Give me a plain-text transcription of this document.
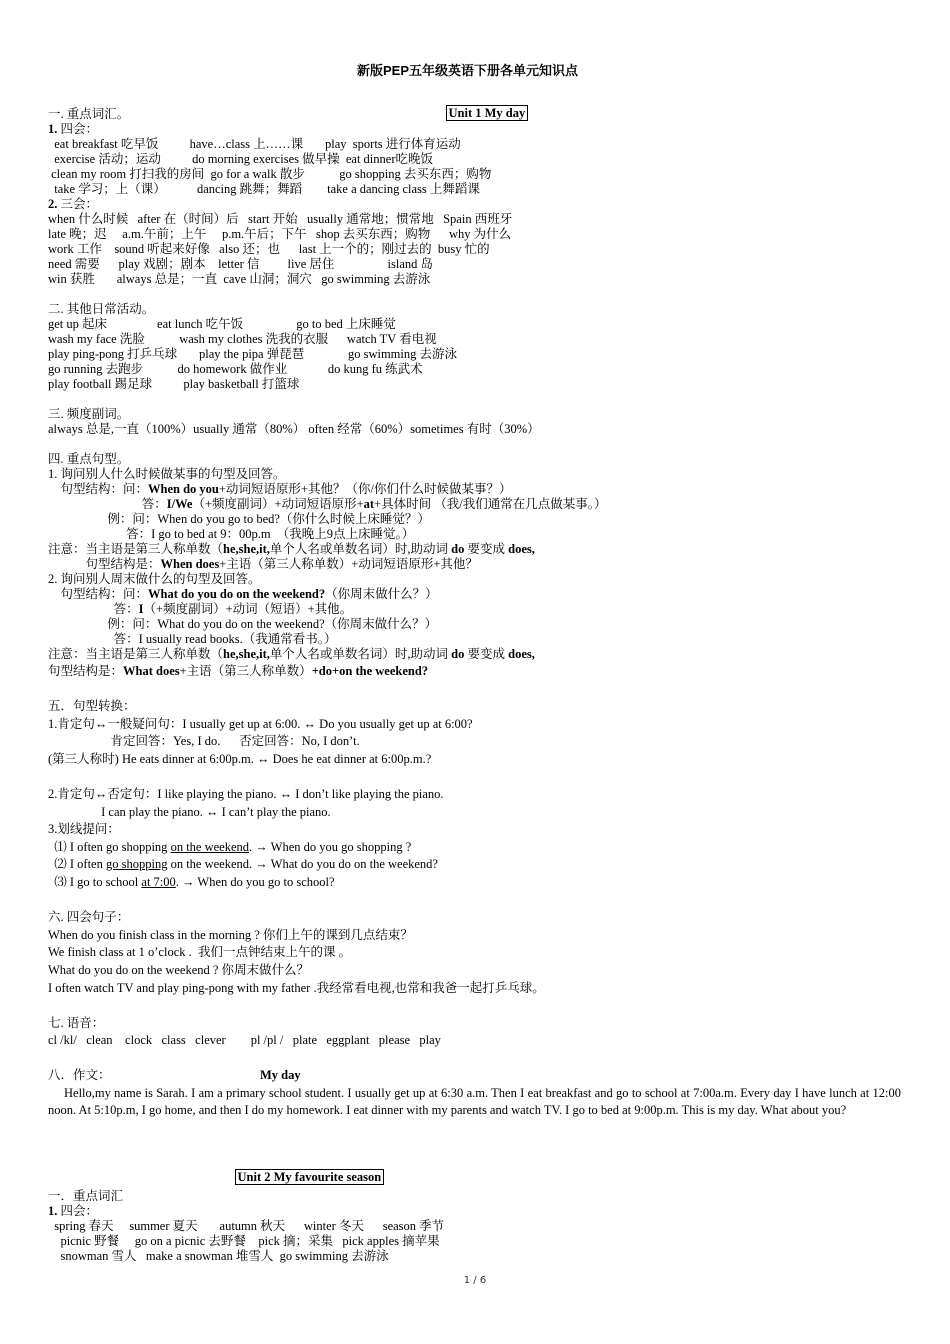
新版PEP五年级英语下册各单元知识点

Unit 1 My day

一. 重点词汇。
1. 四会：
eat breakfast 吃早饭          have…class 上……课       play  sports 进行体育运动
exercise 活动；运动          do morning exercises 做早操  eat dinner吃晚饭
clean my room 打扫我的房间  go for a walk 散步           go shopping 去买东西；购物
take 学习；上（课）          dancing 跳舞；舞蹈        take a dancing class 上舞蹈课
2. 三会：
when 什么时候   after 在（时间）后   start 开始   usually 通常地；惯常地   Spain 西班牙
late 晚；迟     a.m.午前；上午     p.m.午后；下午   shop 去买东西；购物      why 为什么
work 工作    sound 听起来好像   also 还；也      last 上一个的；刚过去的  busy 忙的
need 需要      play 戏剧；剧本    letter 信         live 居住                 island 岛
win 获胜       always 总是；一直  cave 山洞；洞穴   go swimming 去游泳
二. 其他日常活动。
get up 起床                eat lunch 吃午饭                 go to bed 上床睡觉
wash my face 洗脸           wash my clothes 洗我的衣服      watch TV 看电视
play ping-pong 打乒乓球       play the pipa 弹琵琶              go swimming 去游泳
go running 去跑步           do homework 做作业             do kung fu 练武术
play football 踢足球          play basketball 打篮球
三. 频度副词。
always 总是,一直（100%）usually 通常（80%） often 经常（60%）sometimes 有时（30%）
四. 重点句型。
1. 询问别人什么时候做某事的句型及回答。
句型结构：问：When do you+动词短语原形+其他？（你/你们什么时候做某事？）
答：I/We（+频度副词）+动词短语原形+at+具体时间 （我/我们通常在几点做某事。）
例：问：When do you go to bed?（你什么时候上床睡觉？）
答：I go to bed at 9：00p.m  （我晚上9点上床睡觉。）
注意：当主语是第三人称单数（he,she,it,单个人名或单数名词）时,助动词 do 要变成 does,
句型结构是：When does+主语（第三人称单数）+动词短语原形+其他？
2. 询问别人周末做什么的句型及回答。
句型结构：问：What do you do on the weekend?（你周末做什么？）
答：I（+频度副词）+动词（短语）+其他。
例：问：What do you do on the weekend?（你周末做什么？）
答：I usually read books.（我通常看书。）
注意：当主语是第三人称单数（he,she,it,单个人名或单数名词）时,助动词 do 要变成 does,
句型结构是：What does+主语（第三人称单数）+do+on the weekend?
五．句型转换：
1.肯定句↔一般疑问句：I usually get up at 6:00. ↔ Do you usually get up at 6:00?
肯定回答：Yes, I do.      否定回答：No, I don’t.
(第三人称时) He eats dinner at 6:00p.m. ↔ Does he eat dinner at 6:00p.m.?
2.肯定句↔否定句：I like playing the piano. ↔ I don’t like playing the piano.
I can play the piano. ↔ I can’t play the piano.
3.划线提问：
⑴ I often go shopping on the weekend. → When do you go shopping ?
⑵ I often go shopping on the weekend. → What do you do on the weekend?
⑶ I go to school at 7:00. → When do you go to school?
六. 四会句子：
When do you finish class in the morning ? 你们上午的课到几点结束？
We finish class at 1 o’clock .  我们一点钟结束上午的课 。
What do you do on the weekend ? 你周末做什么？
I often watch TV and play ping-pong with my father .我经常看电视,也常和我爸一起打乒乓球。
七. 语音：
cl /kl/   clean    clock   class   clever        pl /pl /   plate   eggplant   please   play
八．作文：	My day
Hello,my name is Sarah. I am a primary school student. I usually get up at 6:30 a.m. Then I eat breakfast and go to school at 7:00a.m. Every day I have lunch at 12:00 noon. At 5:10p.m, I go home, and then I do my homework. I eat dinner with my parents and watch TV. I go to bed at 9:00p.m. This is my day. What about you?

Unit 2 My favourite season

一．重点词汇
1. 四会：
spring 春天     summer 夏天       autumn 秋天      winter 冬天      season 季节
picnic 野餐     go on a picnic 去野餐    pick 摘；采集   pick apples 摘苹果
snowman 雪人   make a snowman 堆雪人  go swimming 去游泳
1 / 6
